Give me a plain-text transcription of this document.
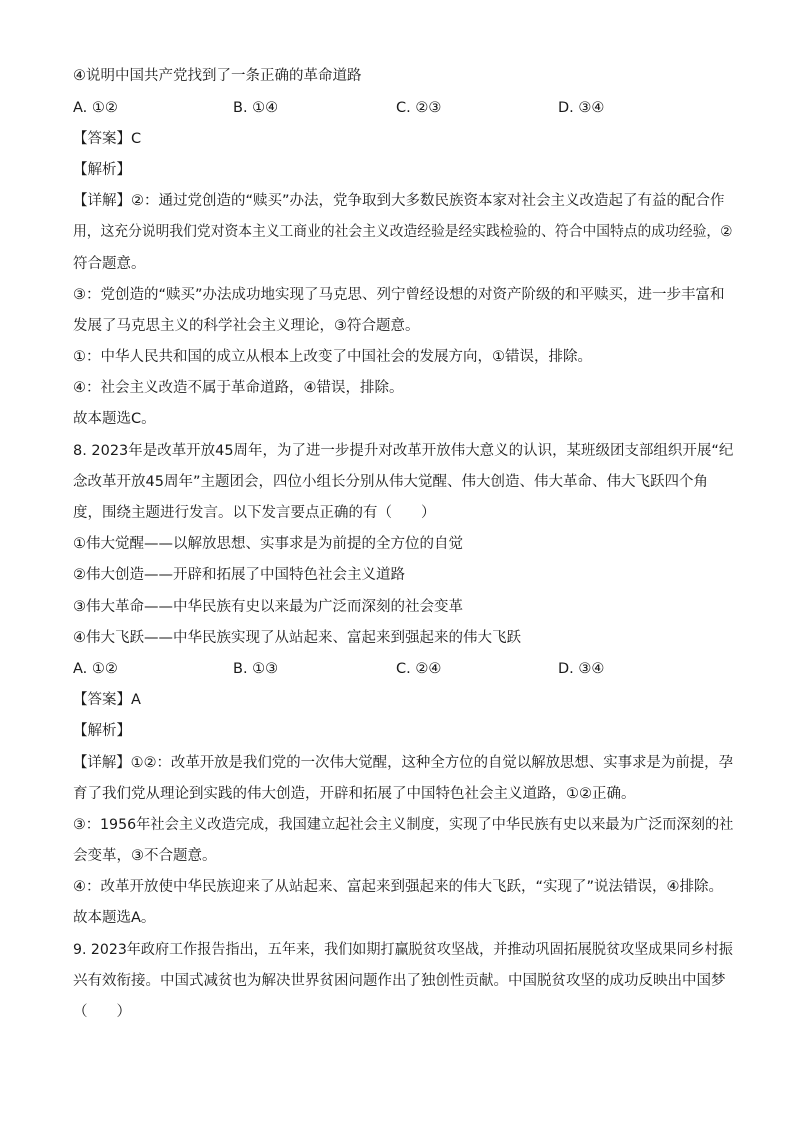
④说明中国共产党找到了一条正确的革命道路
A. ①②	B. ①④	C. ②③	D. ③④
【答案】C
【解析】
【详解】②：通过党创造的“赎买”办法，党争取到大多数民族资本家对社会主义改造起了有益的配合作
用，这充分说明我们党对资本主义工商业的社会主义改造经验是经实践检验的、符合中国特点的成功经验，②
符合题意。
③：党创造的“赎买”办法成功地实现了马克思、列宁曾经设想的对资产阶级的和平赎买，进一步丰富和
发展了马克思主义的科学社会主义理论，③符合题意。
①：中华人民共和国的成立从根本上改变了中国社会的发展方向，①错误，排除。
④：社会主义改造不属于革命道路，④错误，排除。
故本题选C。
8. 2023年是改革开放45周年，为了进一步提升对改革开放伟大意义的认识，某班级团支部组织开展“纪
念改革开放45周年”主题团会，四位小组长分别从伟大觉醒、伟大创造、伟大革命、伟大飞跃四个角
度，围绕主题进行发言。以下发言要点正确的有（　　）
①伟大觉醒——以解放思想、实事求是为前提的全方位的自觉
②伟大创造——开辟和拓展了中国特色社会主义道路
③伟大革命——中华民族有史以来最为广泛而深刻的社会变革
④伟大飞跃——中华民族实现了从站起来、富起来到强起来的伟大飞跃
A. ①②	B. ①③	C. ②④	D. ③④
【答案】A
【解析】
【详解】①②：改革开放是我们党的一次伟大觉醒，这种全方位的自觉以解放思想、实事求是为前提，孕
育了我们党从理论到实践的伟大创造，开辟和拓展了中国特色社会主义道路，①②正确。
③：1956年社会主义改造完成，我国建立起社会主义制度，实现了中华民族有史以来最为广泛而深刻的社
会变革，③不合题意。
④：改革开放使中华民族迎来了从站起来、富起来到强起来的伟大飞跃，“实现了”说法错误，④排除。
故本题选A。
9. 2023年政府工作报告指出，五年来，我们如期打赢脱贫攻坚战，并推动巩固拓展脱贫攻坚成果同乡村振
兴有效衔接。中国式减贫也为解决世界贫困问题作出了独创性贡献。中国脱贫攻坚的成功反映出中国梦
（　　）
